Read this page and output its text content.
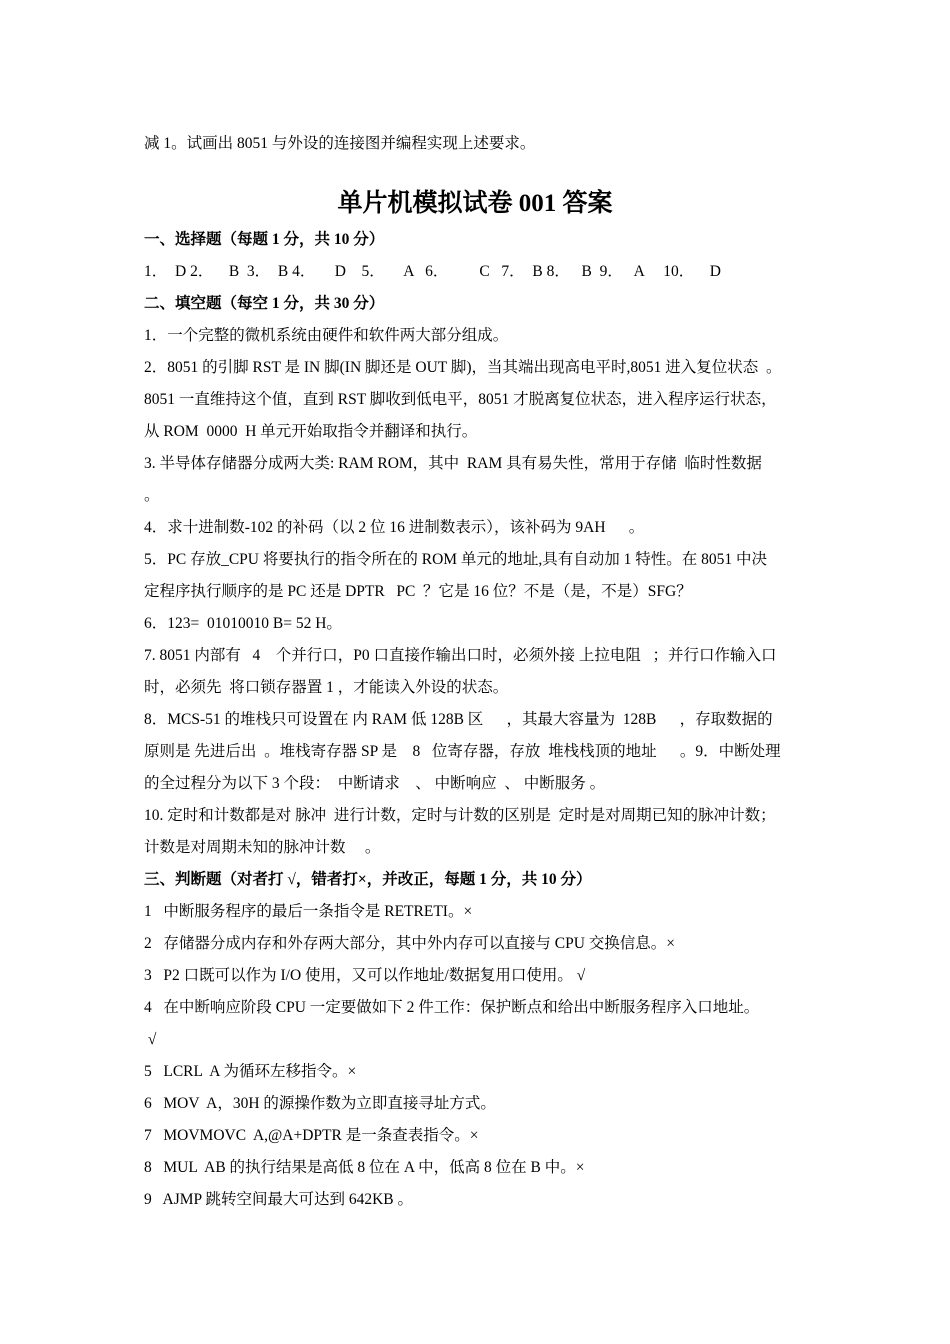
减 1。试画出 8051 与外设的连接图并编程实现上述要求。
单片机模拟试卷 001 答案
一、选择题（每题 1 分，共 10 分）
1．  D 2．    B  3．  B 4．     D    5．     A   6．        C   7．  B 8．   B  9．   A     10．    D
二、填空题（每空 1 分，共 30 分）
1．一个完整的微机系统由硬件和软件两大部分组成。
2．8051 的引脚 RST 是 IN 脚(IN 脚还是 OUT 脚)，当其端出现高电平时,8051 进入复位状态  。
8051 一直维持这个值，直到 RST 脚收到低电平，8051 才脱离复位状态，进入程序运行状态，
从 ROM  0000  H 单元开始取指令并翻译和执行。
3. 半导体存储器分成两大类: RAM ROM，其中  RAM 具有易失性，常用于存储  临时性数据
。
4．求十进制数-102 的补码（以 2 位 16 进制数表示），该补码为 9AH      。
5．PC 存放_CPU 将要执行的指令所在的 ROM 单元的地址,具有自动加 1 特性。在 8051 中决
定程序执行顺序的是 PC 还是 DPTR   PC  ？它是 16 位？不是（是，不是）SFG？
6．123=  01010010 B= 52 H。
7. 8051 内部有   4    个并行口，P0 口直接作输出口时，必须外接 上拉电阻   ；并行口作输入口
时，必须先  将口锁存器置 1 ，才能读入外设的状态。
8．MCS-51 的堆栈只可设置在 内 RAM 低 128B 区      ，其最大容量为  128B      ，存取数据的
原则是 先进后出  。堆栈寄存器 SP 是    8   位寄存器，存放  堆栈栈顶的地址      。9．中断处理
的全过程分为以下 3 个段：  中断请求    、 中断响应  、 中断服务 。
10. 定时和计数都是对 脉冲  进行计数，定时与计数的区别是  定时是对周期已知的脉冲计数；
计数是对周期未知的脉冲计数     。
三、判断题（对者打 √，错者打×，并改正，每题 1 分，共 10 分）
1   中断服务程序的最后一条指令是 RETRETI。×
2   存储器分成内存和外存两大部分，其中外内存可以直接与 CPU 交换信息。×
3   P2 口既可以作为 I/O 使用，又可以作地址/数据复用口使用。 √
4   在中断响应阶段 CPU 一定要做如下 2 件工作：保护断点和给出中断服务程序入口地址。
√
5   LCRL  A 为循环左移指令。×
6   MOV  A，30H 的源操作数为立即直接寻址方式。
7   MOVMOVC  A,@A+DPTR 是一条查表指令。×
8   MUL  AB 的执行结果是高低 8 位在 A 中，低高 8 位在 B 中。×
9   AJMP 跳转空间最大可达到 642KB 。
